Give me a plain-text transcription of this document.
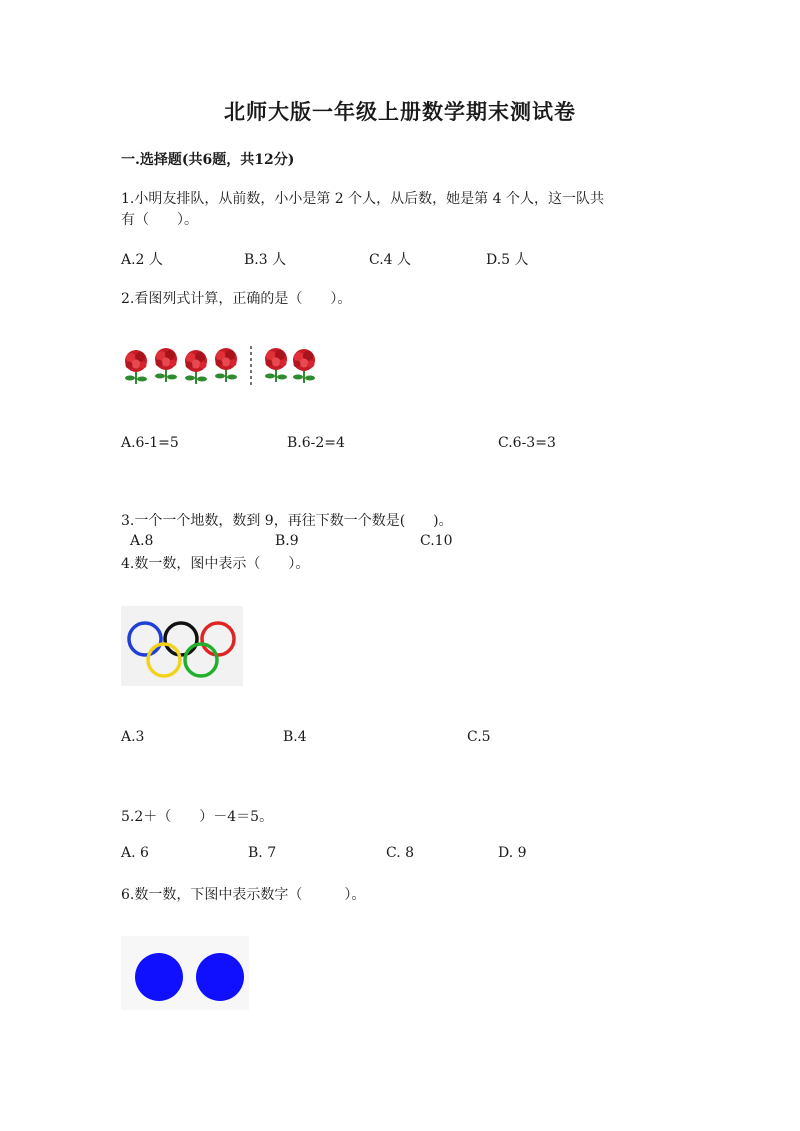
北师大版一年级上册数学期末测试卷
一.选择题(共6题，共12分)
1.小明友排队，从前数，小小是第 2 个人，从后数，她是第 4 个人，这一队共
有（　　）。
A.2 人	B.3 人	C.4 人	D.5 人
2.看图列式计算，正确的是（　　）。
A.6-1=5	B.6-2=4	C.6-3=3
3.一个一个地数，数到 9，再往下数一个数是(　　)。
A.8	B.9	C.10
4.数一数，图中表示（　　）。
A.3	B.4	C.5
5.2＋（　　）－4＝5。
A. 6	B. 7	C. 8	D. 9
6.数一数，下图中表示数字（　　　）。
